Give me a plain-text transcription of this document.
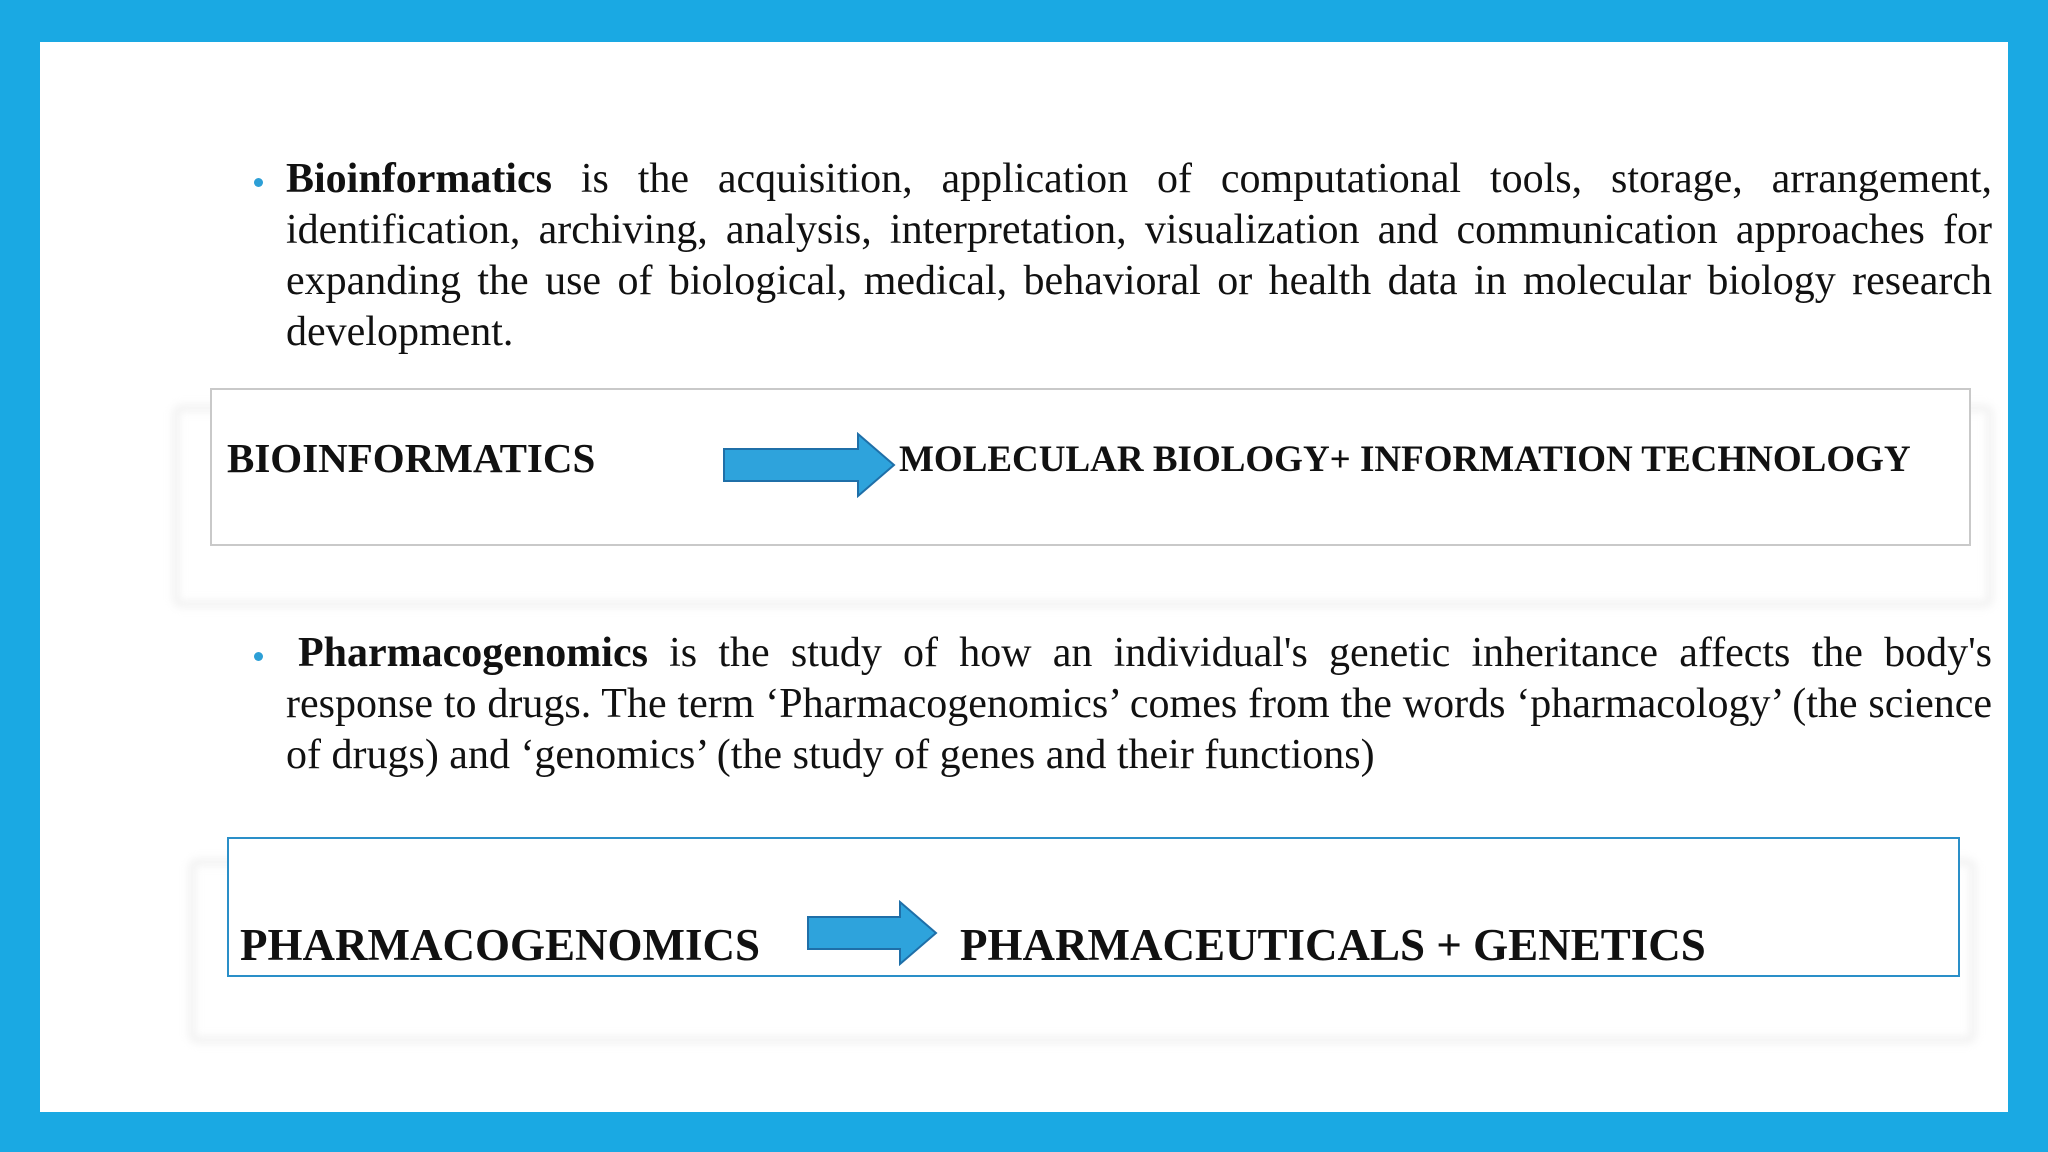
Bioinformatics is the acquisition, application of computational tools, storage, arrangement, identification, archiving, analysis, interpretation, visualization and communication approaches for expanding the use of biological, medical, behavioral or health data in molecular biology research development.
BIOINFORMATICS	MOLECULAR BIOLOGY+ INFORMATION TECHNOLOGY
Pharmacogenomics is the study of how an individual's genetic inheritance affects the body's response to drugs. The term ‘Pharmacogenomics’ comes from the words ‘pharmacology’ (the science of drugs) and ‘genomics’ (the study of genes and their functions)
PHARMACOGENOMICS	PHARMACEUTICALS + GENETICS
